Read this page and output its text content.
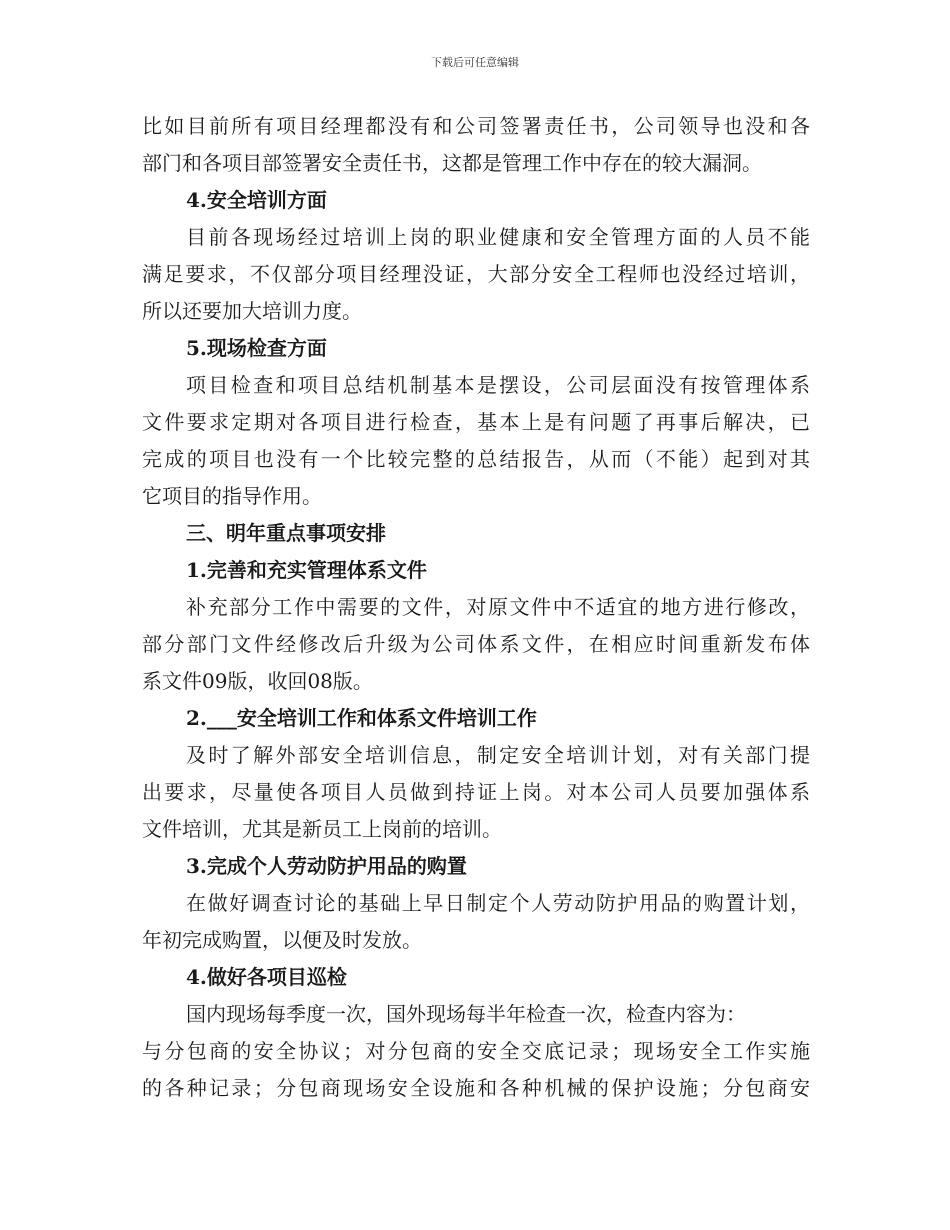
下载后可任意编辑
比如目前所有项目经理都没有和公司签署责任书，公司领导也没和各
部门和各项目部签署安全责任书，这都是管理工作中存在的较大漏洞。
4.安全培训方面
目前各现场经过培训上岗的职业健康和安全管理方面的人员不能
满足要求，不仅部分项目经理没证，大部分安全工程师也没经过培训，
所以还要加大培训力度。
5.现场检查方面
项目检查和项目总结机制基本是摆设，公司层面没有按管理体系
文件要求定期对各项目进行检查，基本上是有问题了再事后解决，已
完成的项目也没有一个比较完整的总结报告，从而（不能）起到对其
它项目的指导作用。
三、明年重点事项安排
1.完善和充实管理体系文件
补充部分工作中需要的文件，对原文件中不适宜的地方进行修改，
部分部门文件经修改后升级为公司体系文件，在相应时间重新发布体
系文件09版，收回08版。
2.___安全培训工作和体系文件培训工作
及时了解外部安全培训信息，制定安全培训计划，对有关部门提
出要求，尽量使各项目人员做到持证上岗。对本公司人员要加强体系
文件培训，尤其是新员工上岗前的培训。
3.完成个人劳动防护用品的购置
在做好调查讨论的基础上早日制定个人劳动防护用品的购置计划，
年初完成购置，以便及时发放。
4.做好各项目巡检
国内现场每季度一次，国外现场每半年检查一次，检查内容为：
与分包商的安全协议；对分包商的安全交底记录；现场安全工作实施
的各种记录；分包商现场安全设施和各种机械的保护设施；分包商安
